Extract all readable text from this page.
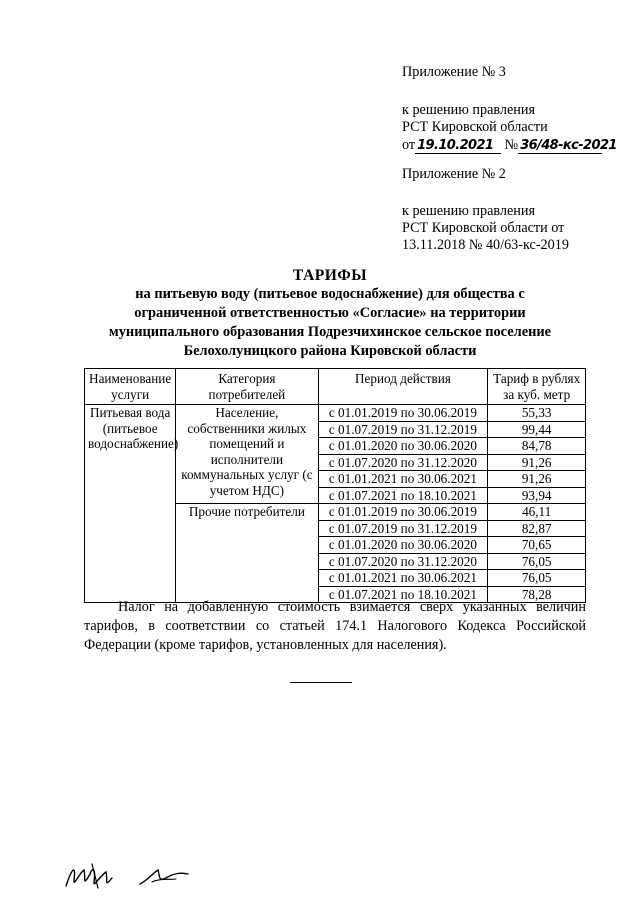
Приложение № 3
к решению правления
РСТ Кировской области
от 19.10.2021 № 36/48-кс-2021
Приложение № 2
к решению правления
РСТ Кировской области от
13.11.2018 № 40/63-кс-2019
ТАРИФЫ
на питьевую воду (питьевое водоснабжение) для общества с
ограниченной ответственностью «Согласие» на территории
муниципального образования Подрезчихинское сельское поселение
Белохолуницкого района Кировской области
Наименование услуги	Категория потребителей	Период действия	Тариф в рублях за куб. метр
Питьевая вода (питьевое водоснабжение)	Население, собственники жилых помещений и исполнители коммунальных услуг (с учетом НДС)	с 01.01.2019 по 30.06.2019	55,33
		с 01.07.2019 по 31.12.2019	99,44
		с 01.01.2020 по 30.06.2020	84,78
		с 01.07.2020 по 31.12.2020	91,26
		с 01.01.2021 по 30.06.2021	91,26
		с 01.07.2021 по 18.10.2021	93,94
	Прочие потребители	с 01.01.2019 по 30.06.2019	46,11
		с 01.07.2019 по 31.12.2019	82,87
		с 01.01.2020 по 30.06.2020	70,65
		с 01.07.2020 по 31.12.2020	76,05
		с 01.01.2021 по 30.06.2021	76,05
		с 01.07.2021 по 18.10.2021	78,28
Налог на добавленную стоимость взимается сверх указанных величин тарифов, в соответствии со статьей 174.1 Налогового Кодекса Российской Федерации (кроме тарифов, установленных для населения).
